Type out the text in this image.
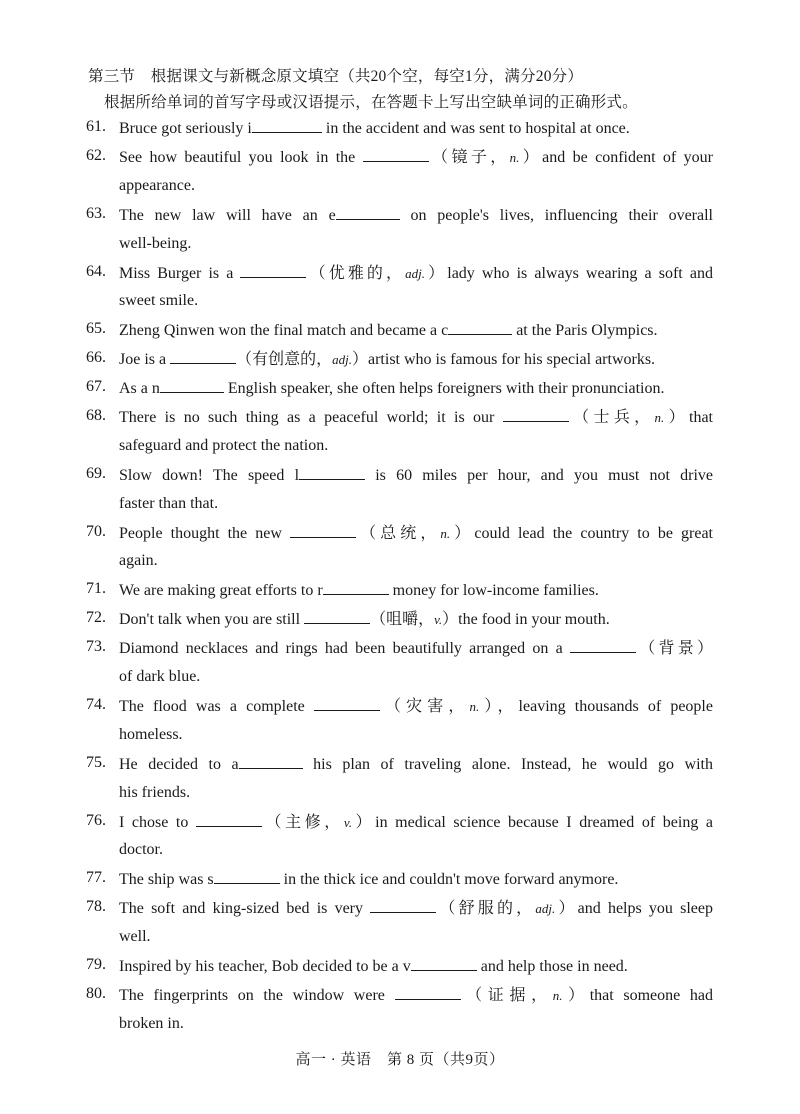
第三节　根据课文与新概念原文填空（共20个空，每空1分，满分20分）
根据所给单词的首写字母或汉语提示，在答题卡上写出空缺单词的正确形式。
61. Bruce got seriously i	in the accident and was sent to hospital at once.
62. See how beautiful you look in the	（镜子，n.）and be confident of your
appearance.
63. The new law will have an e	on people's lives, influencing their overall
well-being.
64. Miss Burger is a	（优雅的，adj.）lady who is always wearing a soft and
sweet smile.
65. Zheng Qinwen won the final match and became a c	at the Paris Olympics.
66. Joe is a	（有创意的，adj.）artist who is famous for his special artworks.
67. As a n	English speaker, she often helps foreigners with their pronunciation.
68. There is no such thing as a peaceful world; it is our	（士兵，n.）that
safeguard and protect the nation.
69. Slow down! The speed l	is 60 miles per hour, and you must not drive
faster than that.
70. People thought the new	（总统，n.）could lead the country to be great
again.
71. We are making great efforts to r	money for low-income families.
72. Don't talk when you are still	（咀嚼，v.）the food in your mouth.
73. Diamond necklaces and rings had been beautifully arranged on a	（背景）
of dark blue.
74. The flood was a complete	（灾害，n.），leaving thousands of people
homeless.
75. He decided to a	his plan of traveling alone. Instead, he would go with
his friends.
76. I chose to	（主修，v.）in medical science because I dreamed of being a
doctor.
77. The ship was s	in the thick ice and couldn't move forward anymore.
78. The soft and king-sized bed is very	（舒服的，adj.）and helps you sleep
well.
79. Inspired by his teacher, Bob decided to be a v	and help those in need.
80. The fingerprints on the window were	（证据，n.）that someone had
broken in.
高一 · 英语　第 8 页（共9页）
